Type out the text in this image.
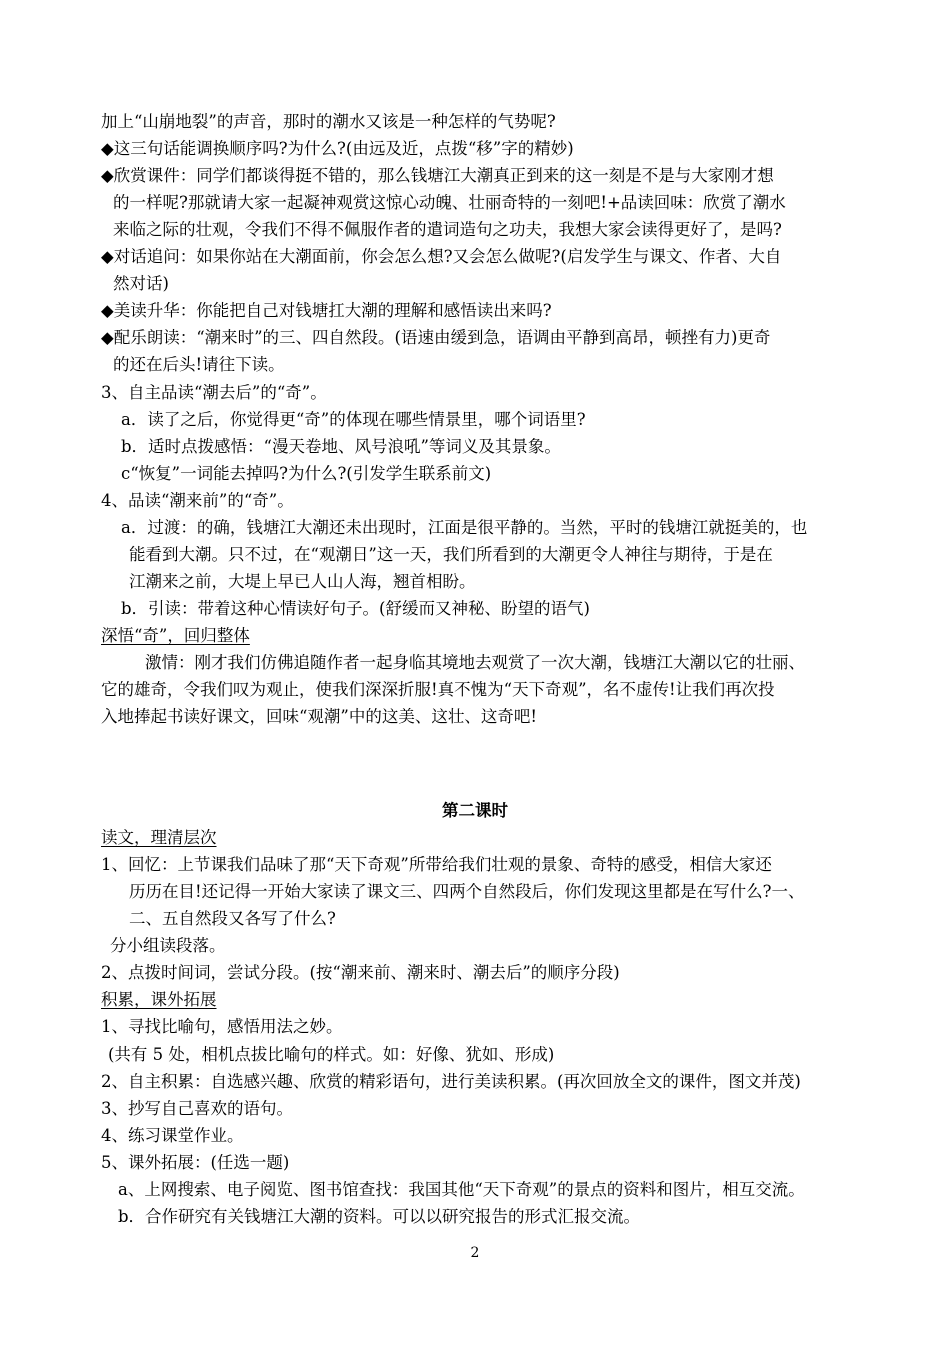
加上“山崩地裂”的声音，那时的潮水又该是一种怎样的气势呢?
◆这三句话能调换顺序吗?为什么?(由远及近，点拨“移”字的精妙)
◆欣赏课件：同学们都谈得挺不错的，那么钱塘江大潮真正到来的这一刻是不是与大家刚才想
的一样呢?那就请大家一起凝神观赏这惊心动魄、壮丽奇特的一刻吧!+品读回味：欣赏了潮水
来临之际的壮观，令我们不得不佩服作者的遣词造句之功夫，我想大家会读得更好了，是吗?
◆对话追问：如果你站在大潮面前，你会怎么想?又会怎么做呢?(启发学生与课文、作者、大自
然对话)
◆美读升华：你能把自己对钱塘扛大潮的理解和感悟读出来吗?
◆配乐朗读：“潮来时”的三、四自然段。(语速由缓到急，语调由平静到高昂，顿挫有力)更奇
的还在后头!请往下读。
3、自主品读“潮去后”的“奇”。
a．读了之后，你觉得更“奇”的体现在哪些情景里，哪个词语里?
b．适时点拨感悟：“漫天卷地、风号浪吼”等词义及其景象。
c“恢复”一词能去掉吗?为什么?(引发学生联系前文)
4、品读“潮来前”的“奇”。
a．过渡：的确，钱塘江大潮还未出现时，江面是很平静的。当然，平时的钱塘江就挺美的，也
能看到大潮。只不过，在“观潮日”这一天，我们所看到的大潮更令人神往与期待，于是在
江潮来之前，大堤上早已人山人海，翘首相盼。
b．引读：带着这种心情读好句子。(舒缓而又神秘、盼望的语气)
深悟“奇”，回归整体
激情：刚才我们仿佛追随作者一起身临其境地去观赏了一次大潮，钱塘江大潮以它的壮丽、
它的雄奇，令我们叹为观止，使我们深深折服!真不愧为“天下奇观”，名不虚传!让我们再次投
入地捧起书读好课文，回味“观潮”中的这美、这壮、这奇吧!
第二课时
读文，理清层次
1、回忆：上节课我们品味了那“天下奇观”所带给我们壮观的景象、奇特的感受，相信大家还
历历在目!还记得一开始大家读了课文三、四两个自然段后，你们发现这里都是在写什么?一、
二、五自然段又各写了什么?
分小组读段落。
2、点拨时间词，尝试分段。(按“潮来前、潮来时、潮去后”的顺序分段)
积累，课外拓展
1、寻找比喻句，感悟用法之妙。
(共有 5 处，相机点拔比喻句的样式。如：好像、犹如、形成)
2、自主积累：自选感兴趣、欣赏的精彩语句，进行美读积累。(再次回放全文的课件，图文并茂)
3、抄写自己喜欢的语句。
4、练习课堂作业。
5、课外拓展：(任选一题)
a、上网搜索、电子阅览、图书馆查找：我国其他“天下奇观”的景点的资料和图片，相互交流。
b．合作研究有关钱塘江大潮的资料。可以以研究报告的形式汇报交流。
2
